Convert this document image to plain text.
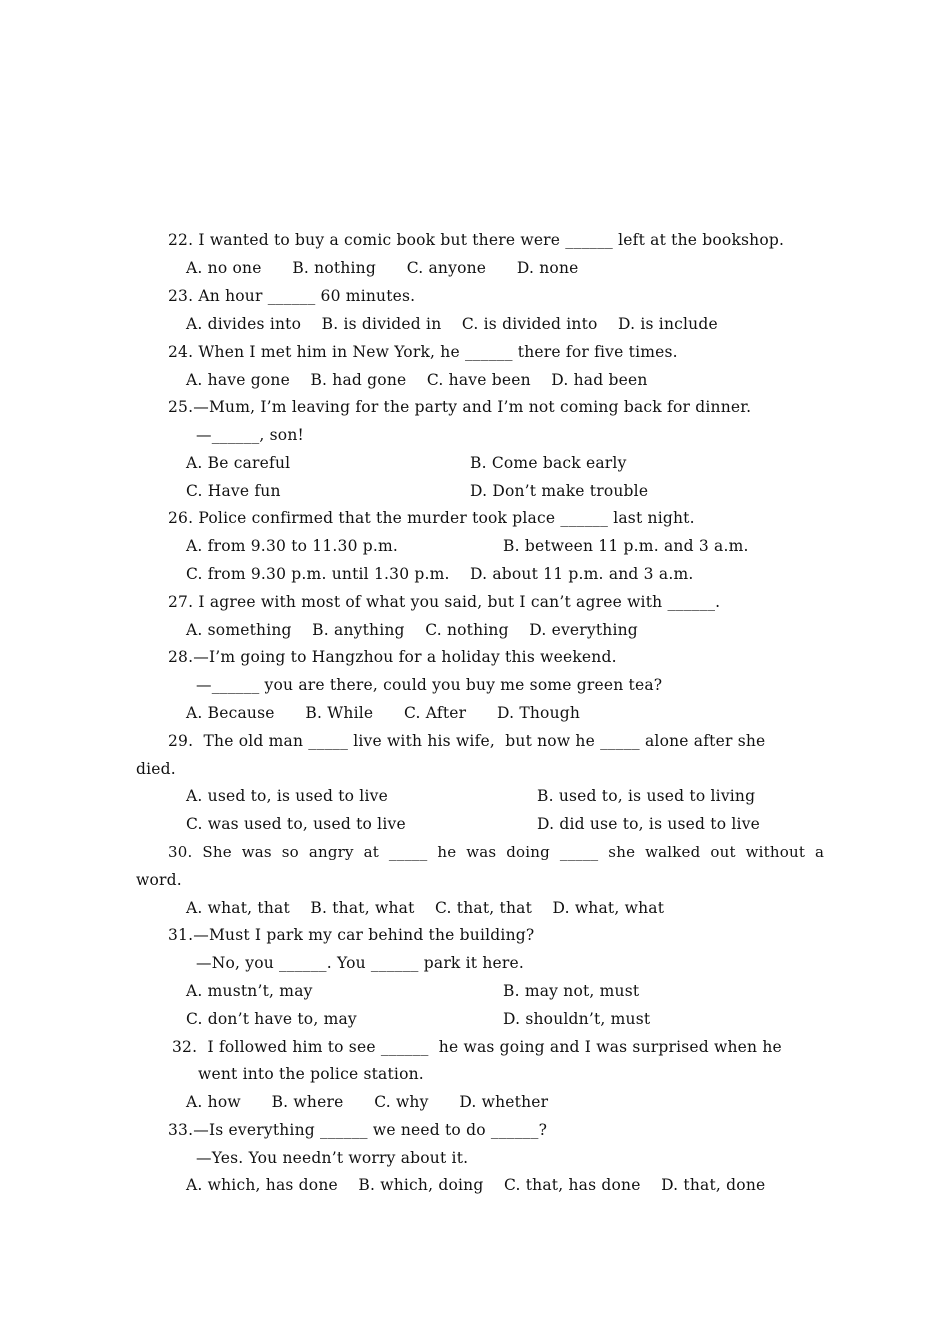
22. I wanted to buy a comic book but there were ______ left at the bookshop.
A. no one      B. nothing      C. anyone      D. none
23. An hour ______ 60 minutes.
A. divides into    B. is divided in    C. is divided into    D. is include
24. When I met him in New York, he ______ there for five times.
A. have gone    B. had gone    C. have been    D. had been
25.—Mum, I’m leaving for the party and I’m not coming back for dinner.
—______, son!
A. Be careful	B. Come back early
C. Have fun	D. Don’t make trouble
26. Police confirmed that the murder took place ______ last night.
A. from 9.30 to 11.30 p.m.	B. between 11 p.m. and 3 a.m.
C. from 9.30 p.m. until 1.30 p.m. D. about 11 p.m. and 3 a.m.
27. I agree with most of what you said, but I can’t agree with ______.
A. something    B. anything    C. nothing    D. everything
28.—I’m going to Hangzhou for a holiday this weekend.
—______ you are there, could you buy me some green tea?
A. Because      B. While      C. After      D. Though
29.  The old man _____ live with his wife,  but now he _____ alone after she
died.
A. used to, is used to live	B. used to, is used to living
C. was used to, used to live	D. did use to, is used to live
30.  She  was  so  angry  at  _____  he  was  doing  _____  she  walked  out  without  a
word.
A. what, that    B. that, what    C. that, that    D. what, what
31.—Must I park my car behind the building?
—No, you ______. You ______ park it here.
A. mustn’t, may	B. may not, must
C. don’t have to, may	D. shouldn’t, must
32.  I followed him to see ______  he was going and I was surprised when he
went into the police station.
A. how      B. where      C. why      D. whether
33.—Is everything ______ we need to do ______?
—Yes. You needn’t worry about it.
A. which, has done    B. which, doing    C. that, has done    D. that, done
